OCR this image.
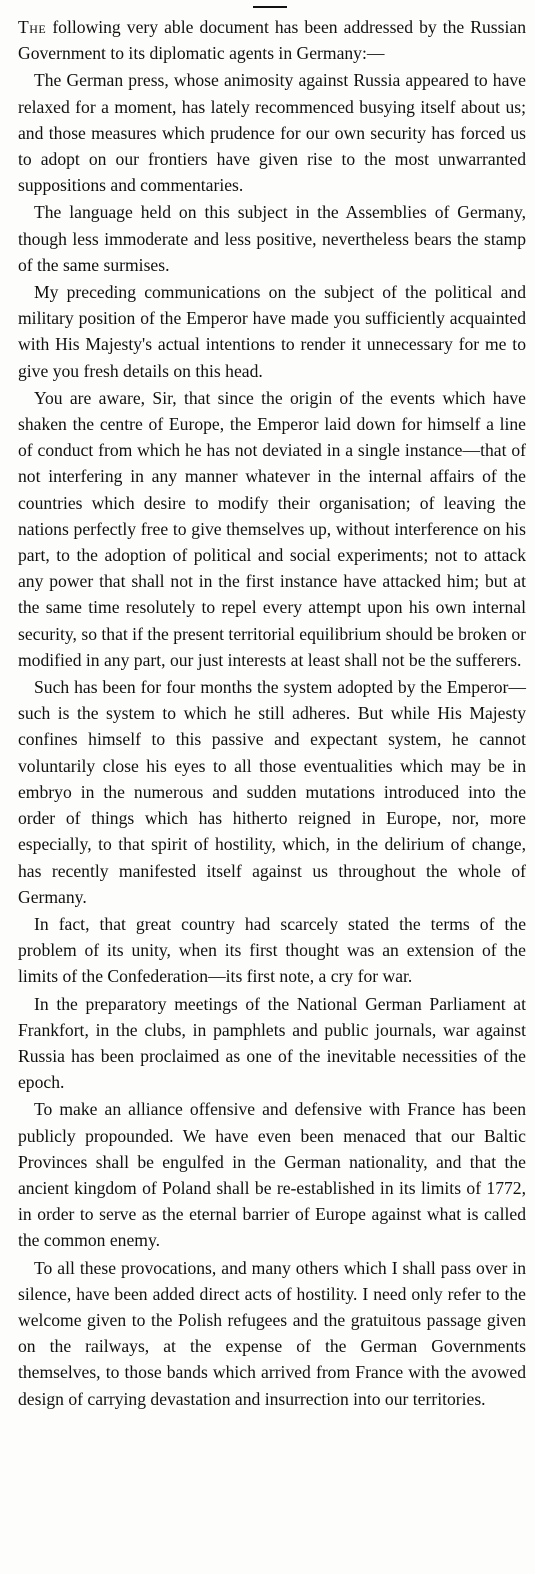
The following very able document has been addressed by the Russian Government to its diplomatic agents in Germany:—

The German press, whose animosity against Russia appeared to have relaxed for a moment, has lately recommenced busying itself about us; and those measures which prudence for our own security has forced us to adopt on our frontiers have given rise to the most unwarranted suppositions and commentaries.

The language held on this subject in the Assemblies of Germany, though less immoderate and less positive, nevertheless bears the stamp of the same surmises.

My preceding communications on the subject of the political and military position of the Emperor have made you sufficiently acquainted with His Majesty's actual intentions to render it unnecessary for me to give you fresh details on this head.

You are aware, Sir, that since the origin of the events which have shaken the centre of Europe, the Emperor laid down for himself a line of conduct from which he has not deviated in a single instance—that of not interfering in any manner whatever in the internal affairs of the countries which desire to modify their organisation; of leaving the nations perfectly free to give themselves up, without interference on his part, to the adoption of political and social experiments; not to attack any power that shall not in the first instance have attacked him; but at the same time resolutely to repel every attempt upon his own internal security, so that if the present territorial equilibrium should be broken or modified in any part, our just interests at least shall not be the sufferers.

Such has been for four months the system adopted by the Emperor—such is the system to which he still adheres. But while His Majesty confines himself to this passive and expectant system, he cannot voluntarily close his eyes to all those eventualities which may be in embryo in the numerous and sudden mutations introduced into the order of things which has hitherto reigned in Europe, nor, more especially, to that spirit of hostility, which, in the delirium of change, has recently manifested itself against us throughout the whole of Germany.

In fact, that great country had scarcely stated the terms of the problem of its unity, when its first thought was an extension of the limits of the Confederation—its first note, a cry for war.

In the preparatory meetings of the National German Parliament at Frankfort, in the clubs, in pamphlets and public journals, war against Russia has been proclaimed as one of the inevitable necessities of the epoch.

To make an alliance offensive and defensive with France has been publicly propounded. We have even been menaced that our Baltic Provinces shall be engulfed in the German nationality, and that the ancient kingdom of Poland shall be re-established in its limits of 1772, in order to serve as the eternal barrier of Europe against what is called the common enemy.

To all these provocations, and many others which I shall pass over in silence, have been added direct acts of hostility. I need only refer to the welcome given to the Polish refugees and the gratuitous passage given on the railways, at the expense of the German Governments themselves, to those bands which arrived from France with the avowed design of carrying devastation and insurrection into our territories.
